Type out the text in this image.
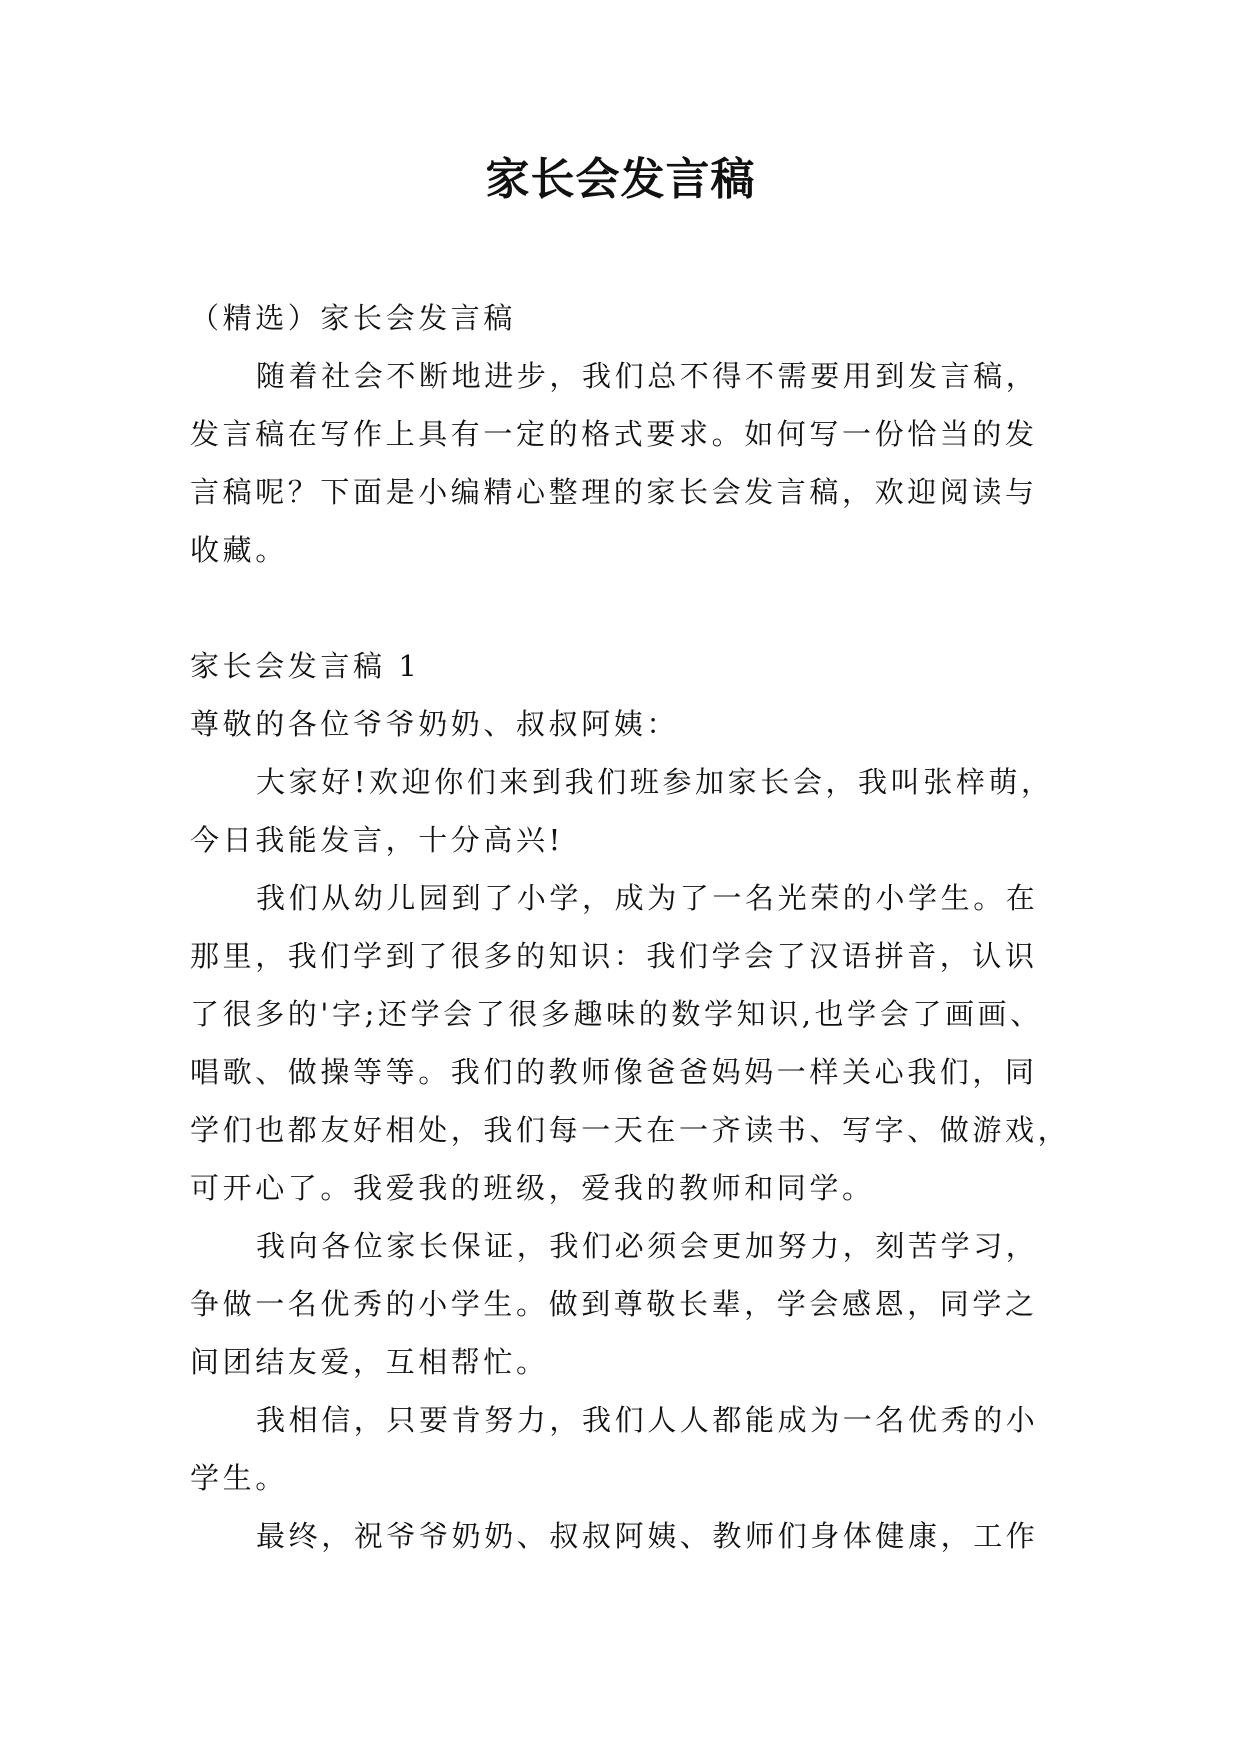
家长会发言稿

（精选）家长会发言稿

随着社会不断地进步，我们总不得不需要用到发言稿，

发言稿在写作上具有一定的格式要求。如何写一份恰当的发

言稿呢？下面是小编精心整理的家长会发言稿，欢迎阅读与

收藏。

家长会发言稿 1

尊敬的各位爷爷奶奶、叔叔阿姨：

大家好!欢迎你们来到我们班参加家长会，我叫张梓萌，

今日我能发言，十分高兴!

我们从幼儿园到了小学，成为了一名光荣的小学生。在

那里，我们学到了很多的知识：我们学会了汉语拼音，认识

了很多的'字;还学会了很多趣味的数学知识,也学会了画画、

唱歌、做操等等。我们的教师像爸爸妈妈一样关心我们，同

学们也都友好相处，我们每一天在一齐读书、写字、做游戏，

可开心了。我爱我的班级，爱我的教师和同学。

我向各位家长保证，我们必须会更加努力，刻苦学习，

争做一名优秀的小学生。做到尊敬长辈，学会感恩，同学之

间团结友爱，互相帮忙。

我相信，只要肯努力，我们人人都能成为一名优秀的小

学生。

最终，祝爷爷奶奶、叔叔阿姨、教师们身体健康，工作
